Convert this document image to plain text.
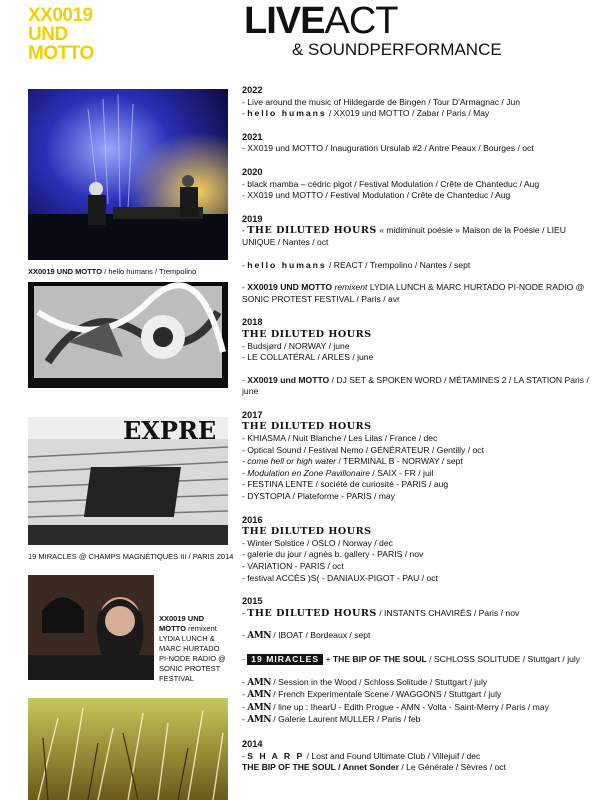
XX0019
UND
MOTTO
LIVEACT
& SOUNDPERFORMANCE
XX0019 UND MOTTO / hello humans / Trempolino
EXPRE
19 MIRACLES @ CHAMPS MAGNÉTIQUES III / PARIS 2014
XX0019 UND MOTTO remixent LYDIA LUNCH & MARC HURTADO PI-NODE RADIO @ SONIC PROTEST FESTIVAL
2022
- Live around the music of Hildegarde de Bingen / Tour D'Armagnac / Jun
- hello humans / XX019 und MOTTO / Zabar / Paris / May
2021
- XX019 und MOTTO / Inauguration Ursulab #2 / Antre Peaux / Bourges / oct
2020
- black mamba – cédric pigot / Festival Modulation / Crête de Chanteduc / Aug
- XX019 und MOTTO / Festival Modulation / Crête de Chanteduc / Aug
2019
- THE DILUTED HOURS « midiminuit poésie » Maison de la Poésie / LIEU UNIQUE / Nantes / oct
- hello humans / REACT / Trempolino / Nantes / sept
- XX0019 UND MOTTO remixent LYDIA LUNCH & MARC HURTADO PI-NODE RADIO @ SONIC PROTEST FESTIVAL / Paris / avr
2018
THE DILUTED HOURS
- Budsjørd / NORWAY / june
- LE COLLATÉRAL / ARLES / june
- XX0019 und MOTTO / DJ SET & SPOKEN WORD / MÉTAMINES 2 / LA STATION Paris / june
2017
THE DILUTED HOURS
- KHIASMA / Nuit Blanche / Les Lilas / France / dec
- Optical Sound / Festival Nemo / GÉNÉRATEUR / Gentilly / oct
- come hell or high water / TERMINAL B - NORWAY / sept
- Modulation en Zone Pavillonaire / SAIX - FR / juil
- FESTINA LENTE / société de curiosité - PARIS / aug
- DYSTOPIA / Plateforme - PARIS / may
2016
THE DILUTED HOURS
- Winter Solstice / OSLO / Norway / dec
- galerie du jour / agnès b. gallery - PARIS / nov
- VARIATION - PARIS / oct
- festival ACCÈS )S( - DANIAUX-PIGOT - PAU / oct
2015
- THE DILUTED HOURS / INSTANTS CHAVIRÉS / Paris / nov
- AMN / IBOAT / Bordeaux / sept
- 19 MIRACLES + THE BIP OF THE SOUL / SCHLOSS SOLITUDE / Stuttgart / july
- AMN / Session in the Wood / Schloss Solitude / Stuttgart / july
- AMN / French Experimentale Scene / WAGGONS / Stuttgart / july
- AMN / line up : IhearU - Edith Progue - AMN - Volta - Saint-Merry / Paris / may
- AMN / Galerie Laurent MULLER / Paris / feb
2014
- S H A R P / Lost and Found Ultimate Club / Villejuif / dec
THE BIP OF THE SOUL / Annet Sonder / Le Générale / Sèvres / oct
